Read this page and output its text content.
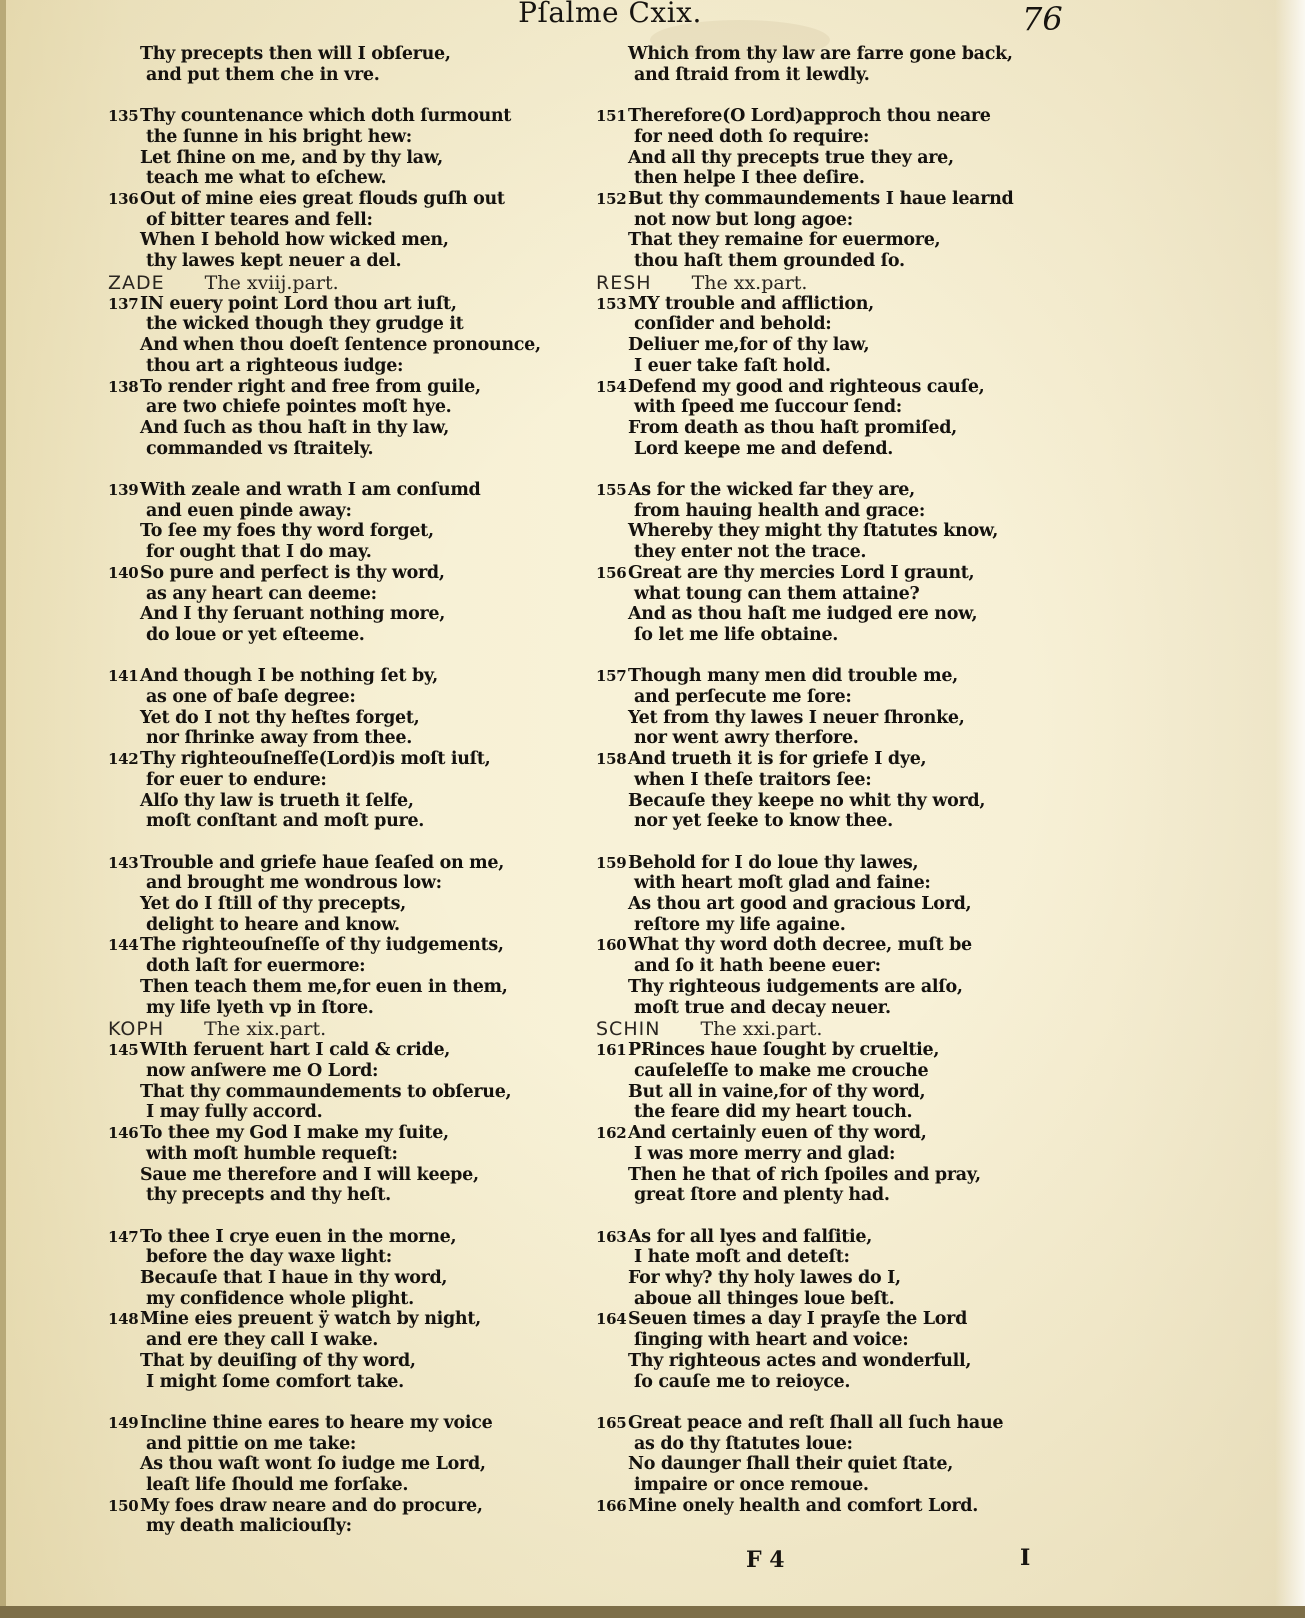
Pſalme Cxix.	76
Thy precepts then will I obſerue,
and put them che in vre.
135Thy countenance which doth ſurmount
the ſunne in his bright hew:
Let ſhine on me, and by thy law,
teach me what to eſchew.
136Out of mine eies great flouds guſh out
of bitter teares and fell:
When I behold how wicked men,
thy lawes kept neuer a del.
ZADE The xviij.part.
137IN euery point Lord thou art iuſt,
the wicked though they grudge it
And when thou doeſt ſentence pronounce,
thou art a righteous iudge:
138To render right and free from guile,
are two chiefe pointes moſt hye.
And ſuch as thou haſt in thy law,
commanded vs ſtraitely.
139With zeale and wrath I am conſumd
and euen pinde away:
To ſee my foes thy word forget,
for ought that I do may.
140So pure and perfect is thy word,
as any heart can deeme:
And I thy ſeruant nothing more,
do loue or yet eſteeme.
141And though I be nothing ſet by,
as one of baſe degree:
Yet do I not thy heſtes forget,
nor ſhrinke away from thee.
142Thy righteouſneſſe(Lord)is moſt iuſt,
for euer to endure:
Alſo thy law is trueth it ſelfe,
moſt conſtant and moſt pure.
143Trouble and griefe haue ſeaſed on me,
and brought me wondrous low:
Yet do I ſtill of thy precepts,
delight to heare and know.
144The righteouſneſſe of thy iudgements,
doth laſt for euermore:
Then teach them me,for euen in them,
my life lyeth vp in ſtore.
KOPH The xix.part.
145WIth feruent hart I cald & cride,
now anſwere me O Lord:
That thy commaundements to obſerue,
I may fully accord.
146To thee my God I make my ſuite,
with moſt humble requeſt:
Saue me therefore and I will keepe,
thy precepts and thy heſt.
147To thee I crye euen in the morne,
before the day waxe light:
Becauſe that I haue in thy word,
my confidence whole plight.
148Mine eies preuent ÿ watch by night,
and ere they call I wake.
That by deuiſing of thy word,
I might ſome comfort take.
149Incline thine eares to heare my voice
and pittie on me take:
As thou waſt wont ſo iudge me Lord,
leaſt life ſhould me forſake.
150My foes draw neare and do procure,
my death maliciouſly:
Which from thy law are farre gone back,
and ſtraid from it lewdly.
151Therefore(O Lord)approch thou neare
for need doth ſo require:
And all thy precepts true they are,
then helpe I thee deſire.
152But thy commaundements I haue learnd
not now but long agoe:
That they remaine for euermore,
thou haſt them grounded ſo.
RESH The xx.part.
153MY trouble and affliction,
conſider and behold:
Deliuer me,for of thy law,
I euer take faſt hold.
154Defend my good and righteous cauſe,
with ſpeed me ſuccour ſend:
From death as thou haſt promiſed,
Lord keepe me and defend.
155As for the wicked far they are,
from hauing health and grace:
Whereby they might thy ſtatutes know,
they enter not the trace.
156Great are thy mercies Lord I graunt,
what toung can them attaine?
And as thou haſt me iudged ere now,
ſo let me life obtaine.
157Though many men did trouble me,
and perſecute me ſore:
Yet from thy lawes I neuer ſhronke,
nor went awry therfore.
158And trueth it is for griefe I dye,
when I theſe traitors ſee:
Becauſe they keepe no whit thy word,
nor yet ſeeke to know thee.
159Behold for I do loue thy lawes,
with heart moſt glad and faine:
As thou art good and gracious Lord,
reſtore my life againe.
160What thy word doth decree, muſt be
and ſo it hath beene euer:
Thy righteous iudgements are alſo,
moſt true and decay neuer.
SCHIN The xxi.part.
161PRinces haue ſought by crueltie,
cauſeleſſe to make me crouche
But all in vaine,for of thy word,
the feare did my heart touch.
162And certainly euen of thy word,
I was more merry and glad:
Then he that of rich ſpoiles and pray,
great ſtore and plenty had.
163As for all lyes and falſitie,
I hate moſt and deteſt:
For why? thy holy lawes do I,
aboue all thinges loue beſt.
164Seuen times a day I prayſe the Lord
ſinging with heart and voice:
Thy righteous actes and wonderfull,
ſo cauſe me to reioyce.
165Great peace and reſt ſhall all ſuch haue
as do thy ſtatutes loue:
No daunger ſhall their quiet ſtate,
impaire or once remoue.
166Mine onely health and comfort Lord.
F 4	I
